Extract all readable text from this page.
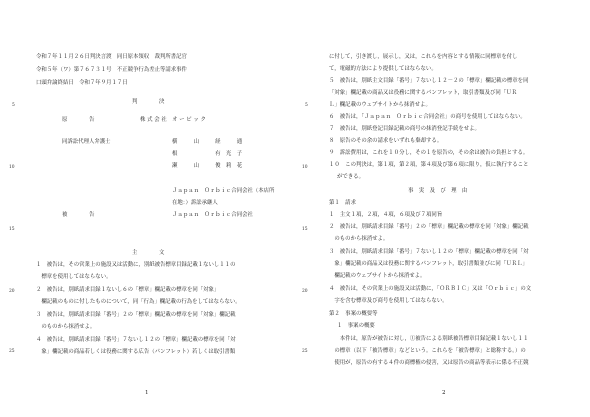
5
10
15
20
25
令和７年１１月２６日判決言渡　同日原本領収　裁判所書記官
令和５年（ワ）第７６７３１号　不正競争行為差止等請求事件
口頭弁論終結日　令和７年９月１７日
判　　　　決
原　　　　告	株 式 会 社　オ ー ビ ッ ク
同訴訟代理人弁護士	横　　　山　　　経　　　通
根　　　　　　　有　光　子
瀬　　　山　　　俊　莉　花
Ｊａｐａｎ　Ｏｒｂｉｃ合同会社（本店所
在地：）訴訟承継人
被　　　　告	Ｊａｐａｎ　Ｏｒｂｉｃ合同会社
主　　　　文
１　被告は，その営業上の施設又は活動に，別紙被告標章目録記載１ないし１１の
　標章を使用してはならない。
２　被告は，別紙請求目録１ないし６の「標章」欄記載の標章を同「対象」
　欄記載のものに付したものについて，同「行為」欄記載の行為をしてはならない。
３　被告は，別紙請求目録「番号」２の「標章」欄記載の標章を同「対象」欄記載
　のものから抹消せよ。
４　被告は，別紙請求目録「番号」７ないし１２の「標章」欄記載の標章を同「対
　象」欄記載の商品若しくは役務に関する広告（パンフレット）若しくは取引書類
1
5
10
15
20
25
に付して，引き渡し，展示し，又は，これらを内容とする情報に同標章を付し
て，電磁的方法により提供してはならない。
５　被告は，別紙主文目録「番号」７ないし１２－２の「標章」欄記載の標章を同
「対象」欄記載の商品又は役務に関するパンフレット，取引書類及び同「ＵＲ
Ｌ」欄記載のウェブサイトから抹消せよ。
６　被告は，「Ｊａｐａｎ　Ｏｒｂｉｃ合同会社」の商号を使用してはならない。
７　被告は，別紙登記目録記載の商号の抹消登記手続をせよ。
８　原告のその余の請求をいずれも棄却する。
９　訴訟費用は，これを１０分し，その１を原告の，その余は被告の負担とする。
１０　この判決は，第１項，第２項，第４項及び第６項に限り，仮に執行すること
ができる。
事　実　及　び　理　由
第１　請求
１　主文１項，２項，４項，６項及び７項同旨
２　被告は，別紙請求目録「番号」２の「標章」欄記載の標章を同「対象」欄記載
　のものから抹消せよ。
３　被告は，別紙請求目録「番号」７ないし１２の「標章」欄記載の標章を同「対
　象」欄記載の商品又は役務に関するパンフレット，取引書類並びに同「ＵＲＬ」
　欄記載のウェブサイトから抹消せよ。
４　被告は，その営業上の施設又は活動に，「ＯＲＢＩＣ」又は「Ｏｒｂｉｃ」の文
　字を含む標章及び商号を使用してはならない。
第２　事案の概要等
１　事案の概要
　　本件は，原告が被告に対し，①被告による別紙被告標章目録記載１ないし１１
　の標章（以下「被告標章」などという。これらを「被告標章」と総称する。）の
　使用が，原告の有する４件の商標権の侵害，又は原告の商品等表示に係る不正競
2
